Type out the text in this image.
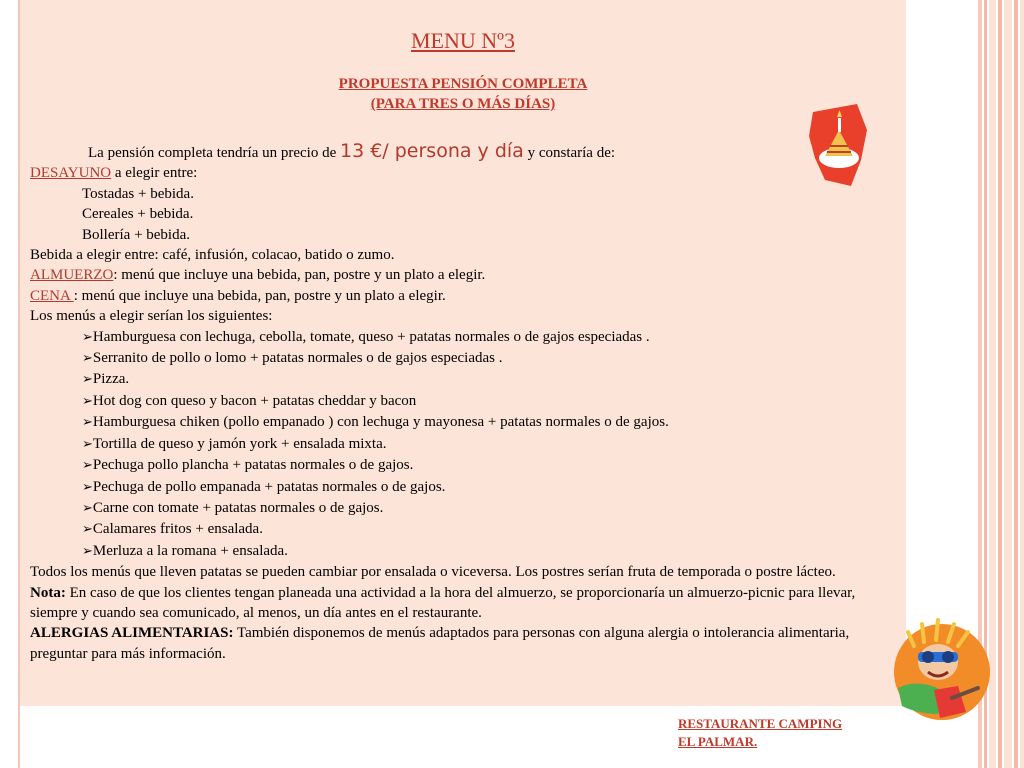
MENU Nº3
PROPUESTA PENSIÓN COMPLETA
(PARA TRES O MÁS DÍAS)
La pensión completa tendría un precio de 13 €/ persona y día y constaría de:
DESAYUNO a elegir entre:
Tostadas + bebida.
Cereales + bebida.
Bollería + bebida.
Bebida a elegir entre: café, infusión, colacao, batido o zumo.
ALMUERZO: menú que incluye una bebida, pan, postre y un plato a elegir.
CENA : menú que incluye una bebida, pan, postre y un plato a elegir.
Los menús a elegir serían los siguientes:
➢Hamburguesa con lechuga, cebolla, tomate, queso + patatas normales o de gajos especiadas .
➢Serranito de pollo o lomo + patatas normales o de gajos especiadas .
➢Pizza.
➢Hot dog con queso y bacon + patatas cheddar y bacon
➢Hamburguesa chiken (pollo empanado ) con lechuga y mayonesa + patatas normales o de gajos.
➢Tortilla de queso y jamón york + ensalada mixta.
➢Pechuga pollo plancha + patatas normales o de gajos.
➢Pechuga de pollo empanada + patatas normales o de gajos.
➢Carne con tomate + patatas normales o de gajos.
➢Calamares fritos + ensalada.
➢Merluza a la romana + ensalada.
Todos los menús que lleven patatas se pueden cambiar por ensalada o viceversa. Los postres serían fruta de temporada o postre lácteo.
Nota: En caso de que los clientes tengan planeada una actividad a la hora del almuerzo, se proporcionaría un almuerzo-picnic para llevar, siempre y cuando sea comunicado, al menos, un día antes en el restaurante.
ALERGIAS ALIMENTARIAS: También disponemos de menús adaptados para personas con alguna alergia o intolerancia alimentaria, preguntar para más información.
RESTAURANTE CAMPING
EL PALMAR.
